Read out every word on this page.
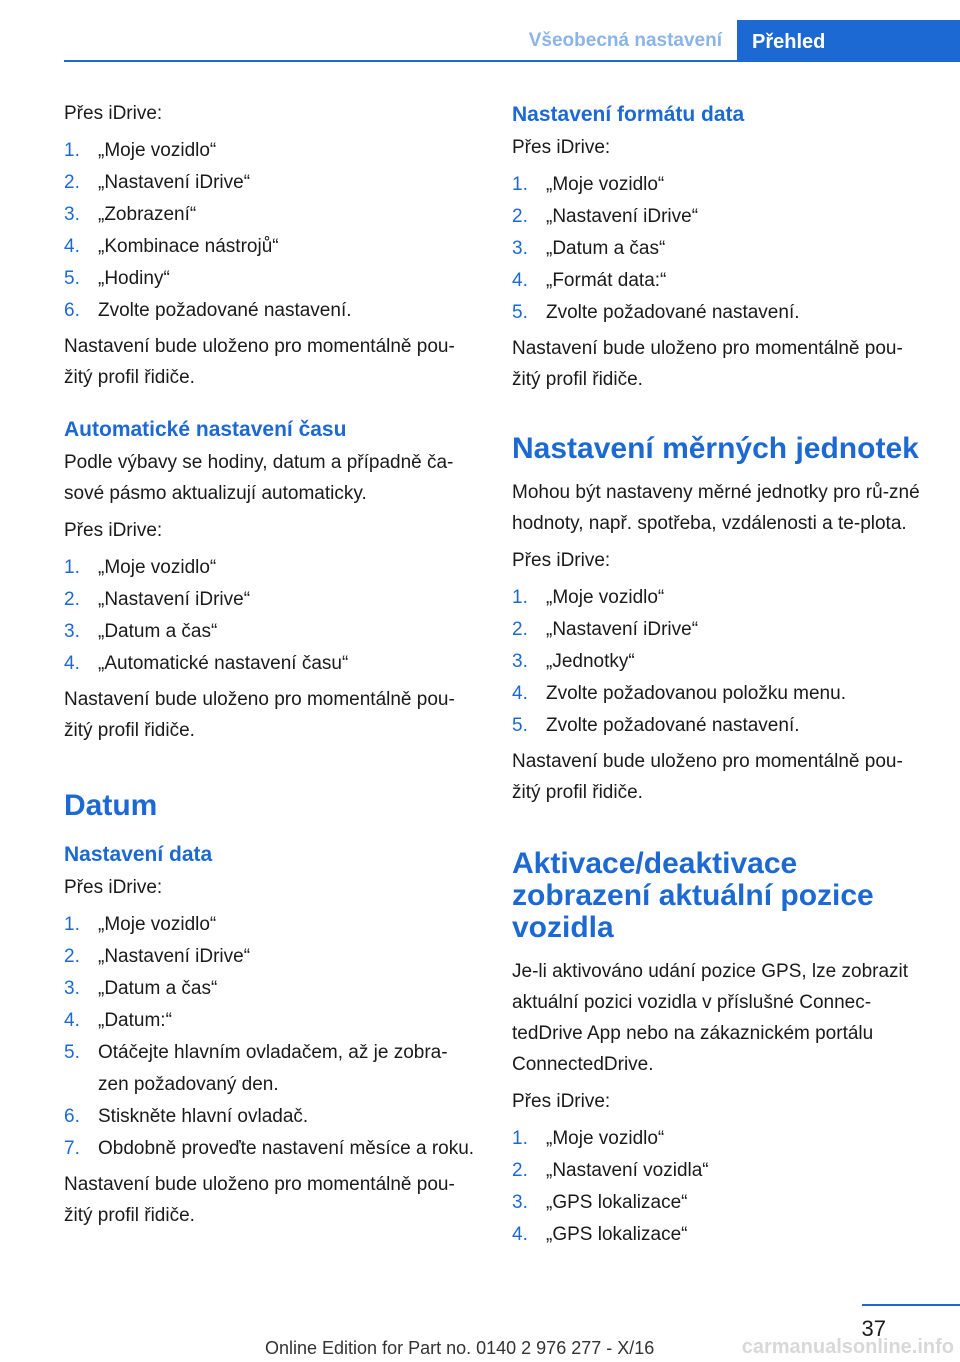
Všeobecná nastavení	Přehled

Přes iDrive:

1. „Moje vozidlo“
2. „Nastavení iDrive“
3. „Zobrazení“
4. „Kombinace nástrojů“
5. „Hodiny“
6. Zvolte požadované nastavení.

Nastavení bude uloženo pro momentálně pou‐žitý profil řidiče.

Automatické nastavení času

Podle výbavy se hodiny, datum a případně ča‐sové pásmo aktualizují automaticky.

Přes iDrive:

1. „Moje vozidlo“
2. „Nastavení iDrive“
3. „Datum a čas“
4. „Automatické nastavení času“

Nastavení bude uloženo pro momentálně pou‐žitý profil řidiče.

Datum
Nastavení data

Přes iDrive:

1. „Moje vozidlo“
2. „Nastavení iDrive“
3. „Datum a čas“
4. „Datum:“
5. Otáčejte hlavním ovladačem, až je zobra‐zen požadovaný den.
6. Stiskněte hlavní ovladač.
7. Obdobně proveďte nastavení měsíce a roku.

Nastavení bude uloženo pro momentálně pou‐žitý profil řidiče.

Nastavení formátu data

Přes iDrive:

1. „Moje vozidlo“
2. „Nastavení iDrive“
3. „Datum a čas“
4. „Formát data:“
5. Zvolte požadované nastavení.

Nastavení bude uloženo pro momentálně pou‐žitý profil řidiče.

Nastavení měrných jednotek

Mohou být nastaveny měrné jednotky pro rů‐zné hodnoty, např. spotřeba, vzdálenosti a te‐plota.

Přes iDrive:

1. „Moje vozidlo“
2. „Nastavení iDrive“
3. „Jednotky“
4. Zvolte požadovanou položku menu.
5. Zvolte požadované nastavení.

Nastavení bude uloženo pro momentálně pou‐žitý profil řidiče.

Aktivace/deaktivace zobrazení aktuální pozice vozidla

Je-li aktivováno udání pozice GPS, lze zobrazit aktuální pozici vozidla v příslušné Connec‐tedDrive App nebo na zákaznickém portálu ConnectedDrive.

Přes iDrive:

1. „Moje vozidlo“
2. „Nastavení vozidla“
3. „GPS lokalizace“
4. „GPS lokalizace“
37
Online Edition for Part no. 0140 2 976 277 - X/16	carmanualsonline.info
